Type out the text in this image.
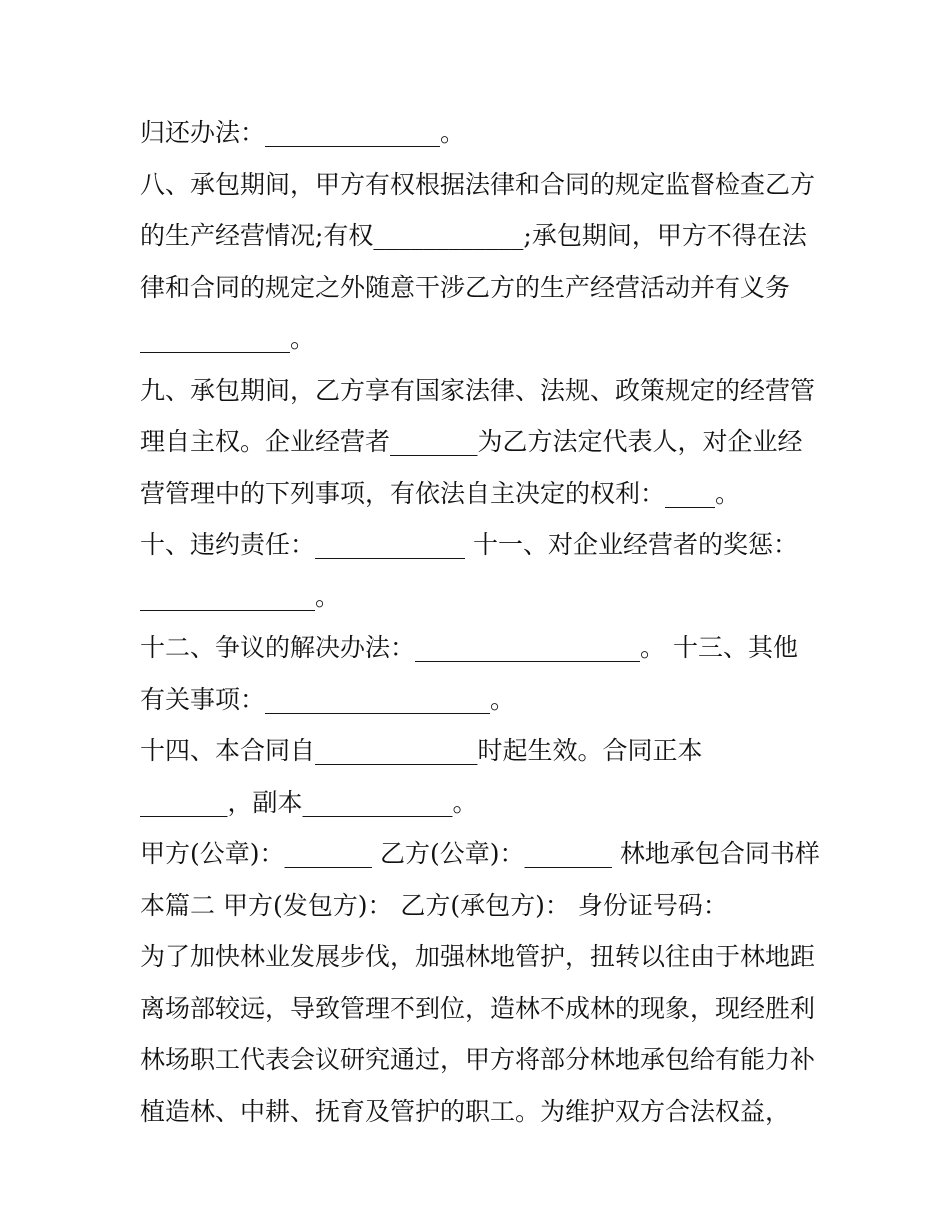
归还办法：______________。
八、承包期间，甲方有权根据法律和合同的规定监督检查乙方
的生产经营情况;有权____________;承包期间，甲方不得在法
律和合同的规定之外随意干涉乙方的生产经营活动并有义务
____________。
九、承包期间，乙方享有国家法律、法规、政策规定的经营管
理自主权。企业经营者_______为乙方法定代表人，对企业经
营管理中的下列事项，有依法自主决定的权利：____。
十、违约责任：____________ 十一、对企业经营者的奖惩：
______________。
十二、争议的解决办法：__________________。 十三、其他
有关事项：__________________。
十四、本合同自_____________时起生效。合同正本
_______，副本____________。
甲方(公章)：_______ 乙方(公章)：_______ 林地承包合同书样
本篇二 甲方(发包方)： 乙方(承包方)： 身份证号码：
为了加快林业发展步伐，加强林地管护，扭转以往由于林地距
离场部较远，导致管理不到位，造林不成林的现象，现经胜利
林场职工代表会议研究通过，甲方将部分林地承包给有能力补
植造林、中耕、抚育及管护的职工。为维护双方合法权益，
